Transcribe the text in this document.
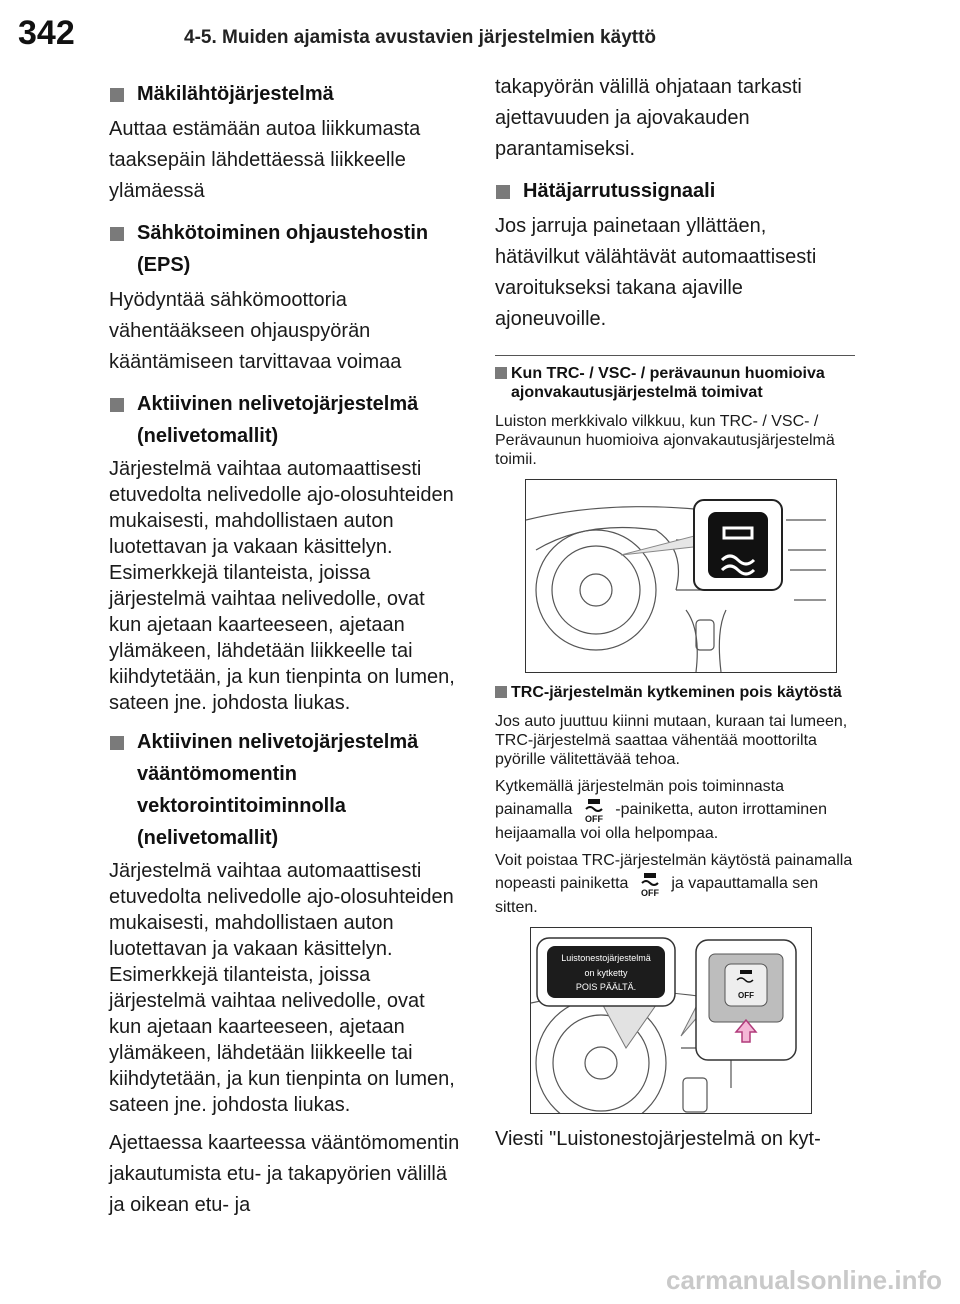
342	4-5. Muiden ajamista avustavien järjestelmien käyttö
Mäkilähtöjärjestelmä

Auttaa estämään autoa liikkumasta taaksepäin lähdettäessä liikkeelle ylämäessä

Sähkötoiminen ohjaustehostin (EPS)

Hyödyntää sähkömoottoria vähentääkseen ohjauspyörän kääntämiseen tarvittavaa voimaa

Aktiivinen nelivetojärjestelmä (nelivetomallit)

Järjestelmä vaihtaa automaattisesti etuvedolta nelivedolle ajo-olosuhteiden mukaisesti, mahdollistaen auton luotettavan ja vakaan käsittelyn. Esimerkkejä tilanteista, joissa järjestelmä vaihtaa nelivedolle, ovat kun ajetaan kaarteeseen, ajetaan ylämäkeen, lähdetään liikkeelle tai kiihdytetään, ja kun tienpinta on lumen, sateen jne. johdosta liukas.

Aktiivinen nelivetojärjestelmä vääntömomentin vektorointitoiminnolla (nelivetomallit)

Järjestelmä vaihtaa automaattisesti etuvedolta nelivedolle ajo-olosuhteiden mukaisesti, mahdollistaen auton luotettavan ja vakaan käsittelyn. Esimerkkejä tilanteista, joissa järjestelmä vaihtaa nelivedolle, ovat kun ajetaan kaarteeseen, ajetaan ylämäkeen, lähdetään liikkeelle tai kiihdytetään, ja kun tienpinta on lumen, sateen jne. johdosta liukas.

Ajettaessa kaarteessa vääntömomentin jakautumista etu- ja takapyörien välillä ja oikean etu- ja

takapyörän välillä ohjataan tarkasti ajettavuuden ja ajovakauden parantamiseksi.

Hätäjarrutussignaali

Jos jarruja painetaan yllättäen, hätävilkut välähtävät automaattisesti varoitukseksi takana ajaville ajoneuvoille.

Kun TRC- / VSC- / perävaunun huomioiva ajonvakautusjärjestelmä toimivat

Luiston merkkivalo vilkkuu, kun TRC- / VSC- / Perävaunun huomioiva ajonvakautusjärjestelmä toimii.

TRC-järjestelmän kytkeminen pois käytöstä

Jos auto juuttuu kiinni mutaan, kuraan tai lumeen, TRC-järjestelmä saattaa vähentää moottorilta pyörille välitettävää tehoa.

Kytkemällä järjestelmän pois toiminnasta painamalla
OFF
-painiketta, auton irrottaminen heijaamalla voi olla helpompaa.

Voit poistaa TRC-järjestelmän käytöstä painamalla nopeasti painiketta
OFF
ja vapauttamalla sen sitten.

Luistonestojärjestelmä
on kytketty
POIS PÄÄLTÄ.
OFF

Viesti "Luistonestojärjestelmä on kyt-

carmanualsonline.info
